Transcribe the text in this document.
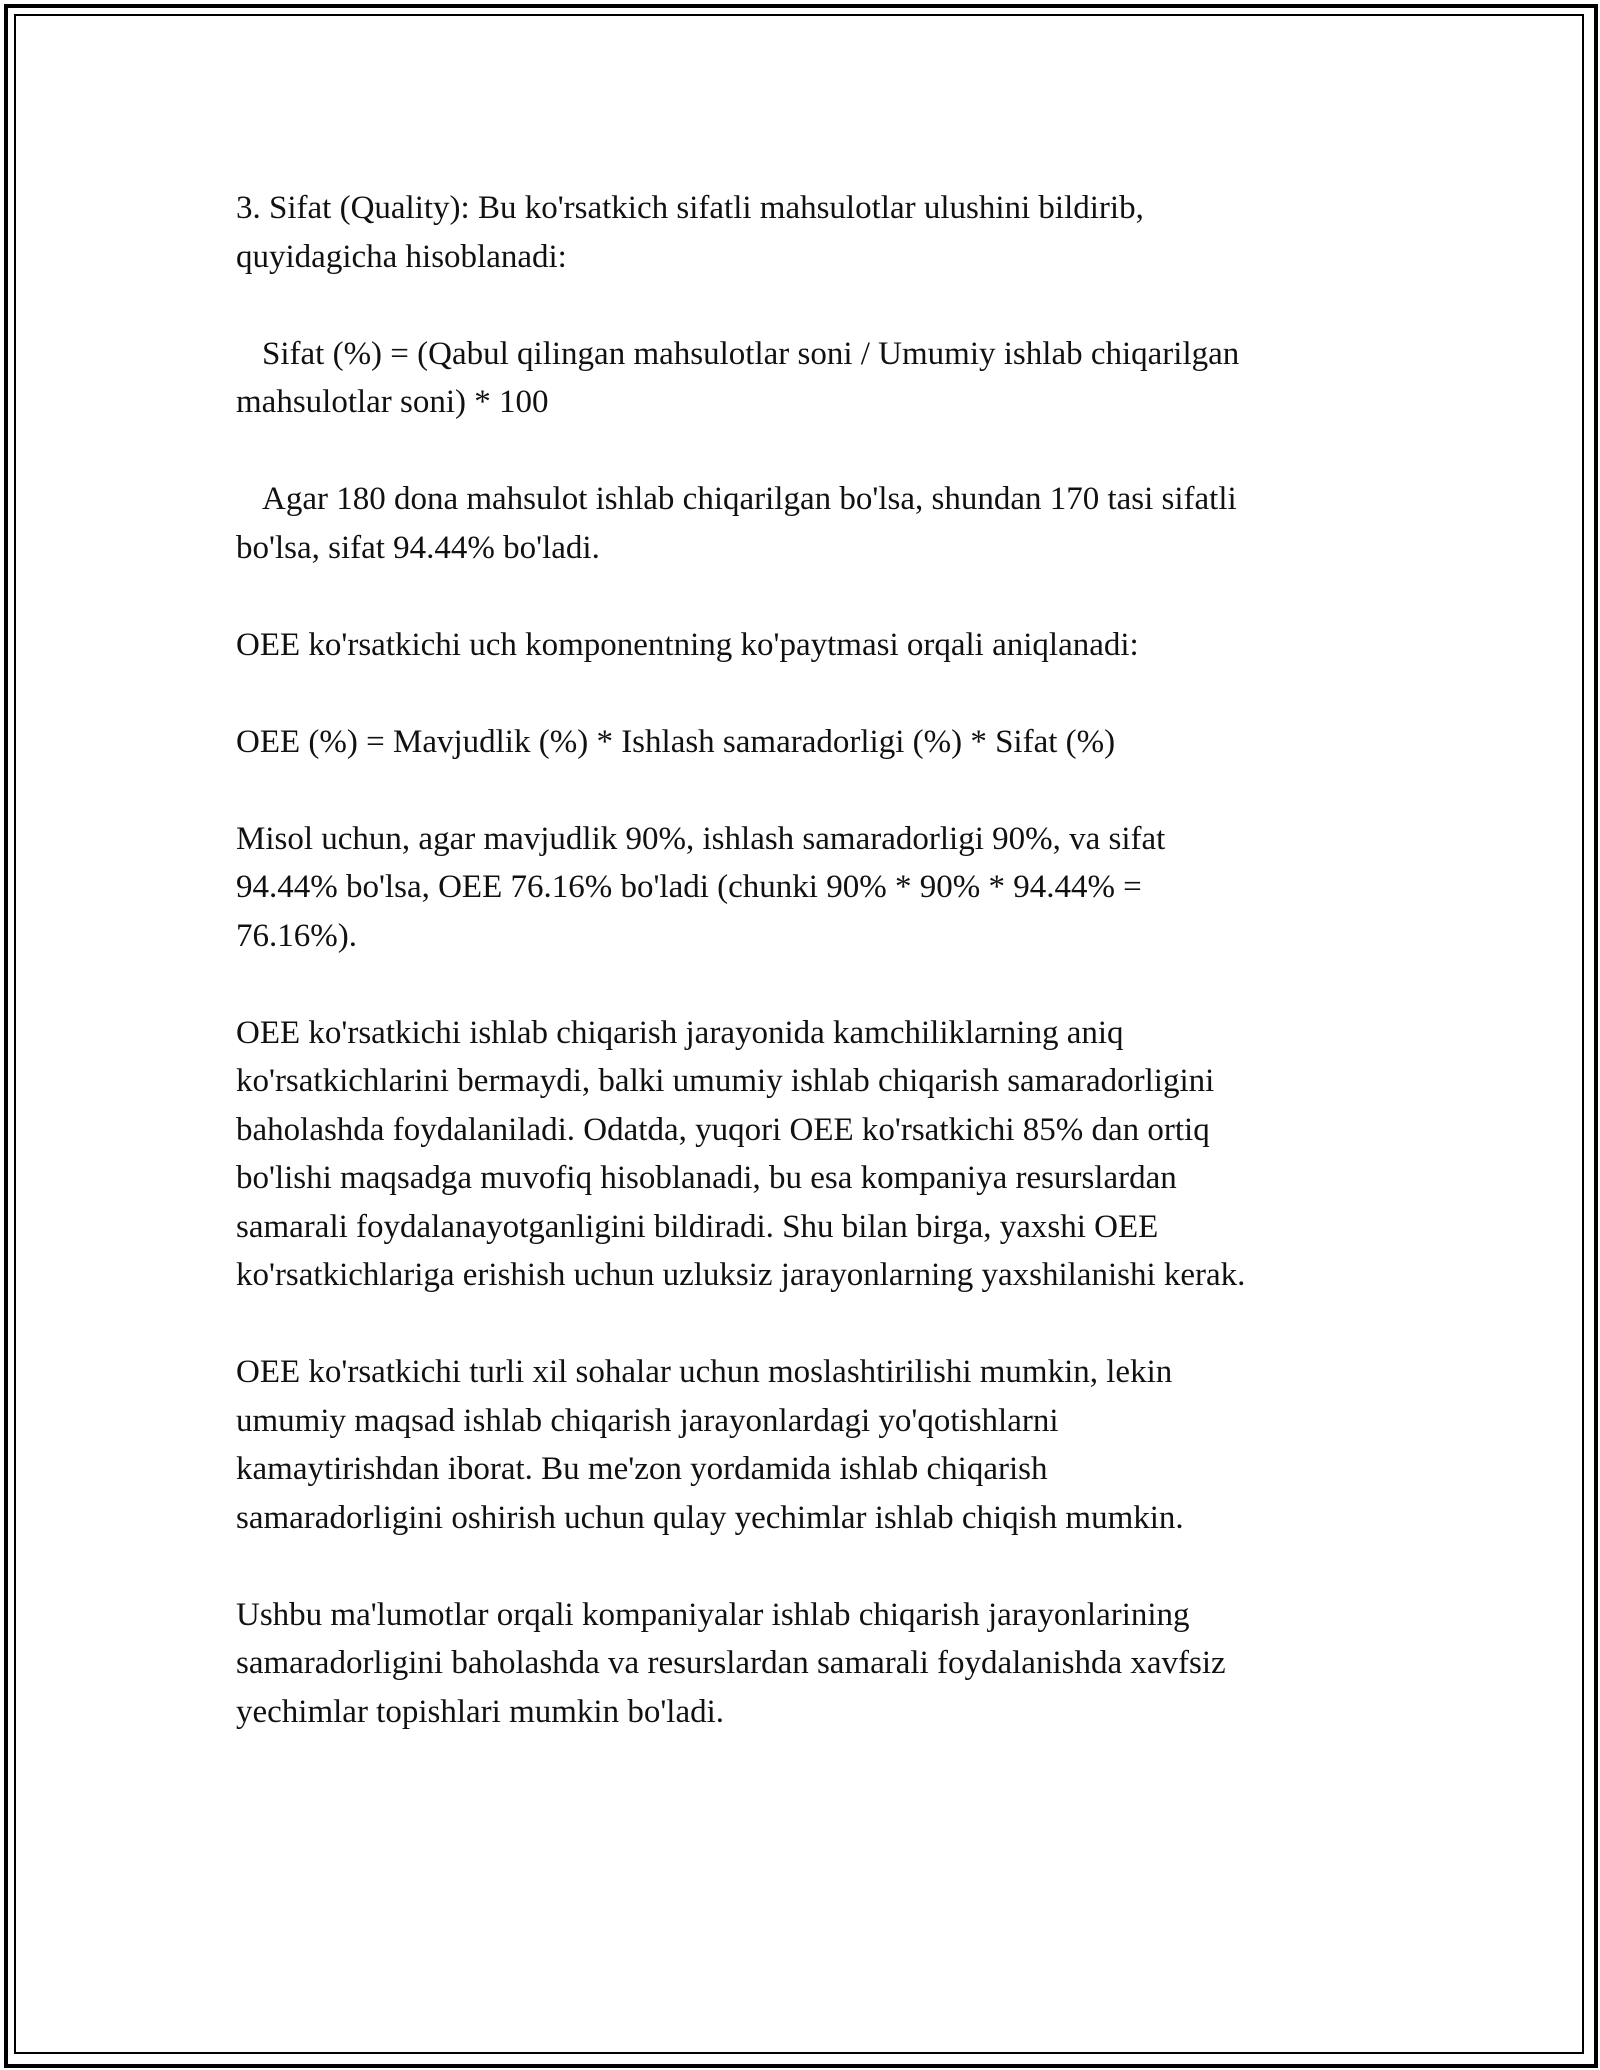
3. Sifat (Quality): Bu ko'rsatkich sifatli mahsulotlar ulushini bildirib,
quyidagicha hisoblanadi:

Sifat (%) = (Qabul qilingan mahsulotlar soni / Umumiy ishlab chiqarilgan
mahsulotlar soni) * 100

Agar 180 dona mahsulot ishlab chiqarilgan bo'lsa, shundan 170 tasi sifatli
bo'lsa, sifat 94.44% bo'ladi.

OEE ko'rsatkichi uch komponentning ko'paytmasi orqali aniqlanadi:

OEE (%) = Mavjudlik (%) * Ishlash samaradorligi (%) * Sifat (%)

Misol uchun, agar mavjudlik 90%, ishlash samaradorligi 90%, va sifat
94.44% bo'lsa, OEE 76.16% bo'ladi (chunki 90% * 90% * 94.44% =
76.16%).

OEE ko'rsatkichi ishlab chiqarish jarayonida kamchiliklarning aniq
ko'rsatkichlarini bermaydi, balki umumiy ishlab chiqarish samaradorligini
baholashda foydalaniladi. Odatda, yuqori OEE ko'rsatkichi 85% dan ortiq
bo'lishi maqsadga muvofiq hisoblanadi, bu esa kompaniya resurslardan
samarali foydalanayotganligini bildiradi. Shu bilan birga, yaxshi OEE
ko'rsatkichlariga erishish uchun uzluksiz jarayonlarning yaxshilanishi kerak.

OEE ko'rsatkichi turli xil sohalar uchun moslashtirilishi mumkin, lekin
umumiy maqsad ishlab chiqarish jarayonlardagi yo'qotishlarni
kamaytirishdan iborat. Bu me'zon yordamida ishlab chiqarish
samaradorligini oshirish uchun qulay yechimlar ishlab chiqish mumkin.

Ushbu ma'lumotlar orqali kompaniyalar ishlab chiqarish jarayonlarining
samaradorligini baholashda va resurslardan samarali foydalanishda xavfsiz
yechimlar topishlari mumkin bo'ladi.
